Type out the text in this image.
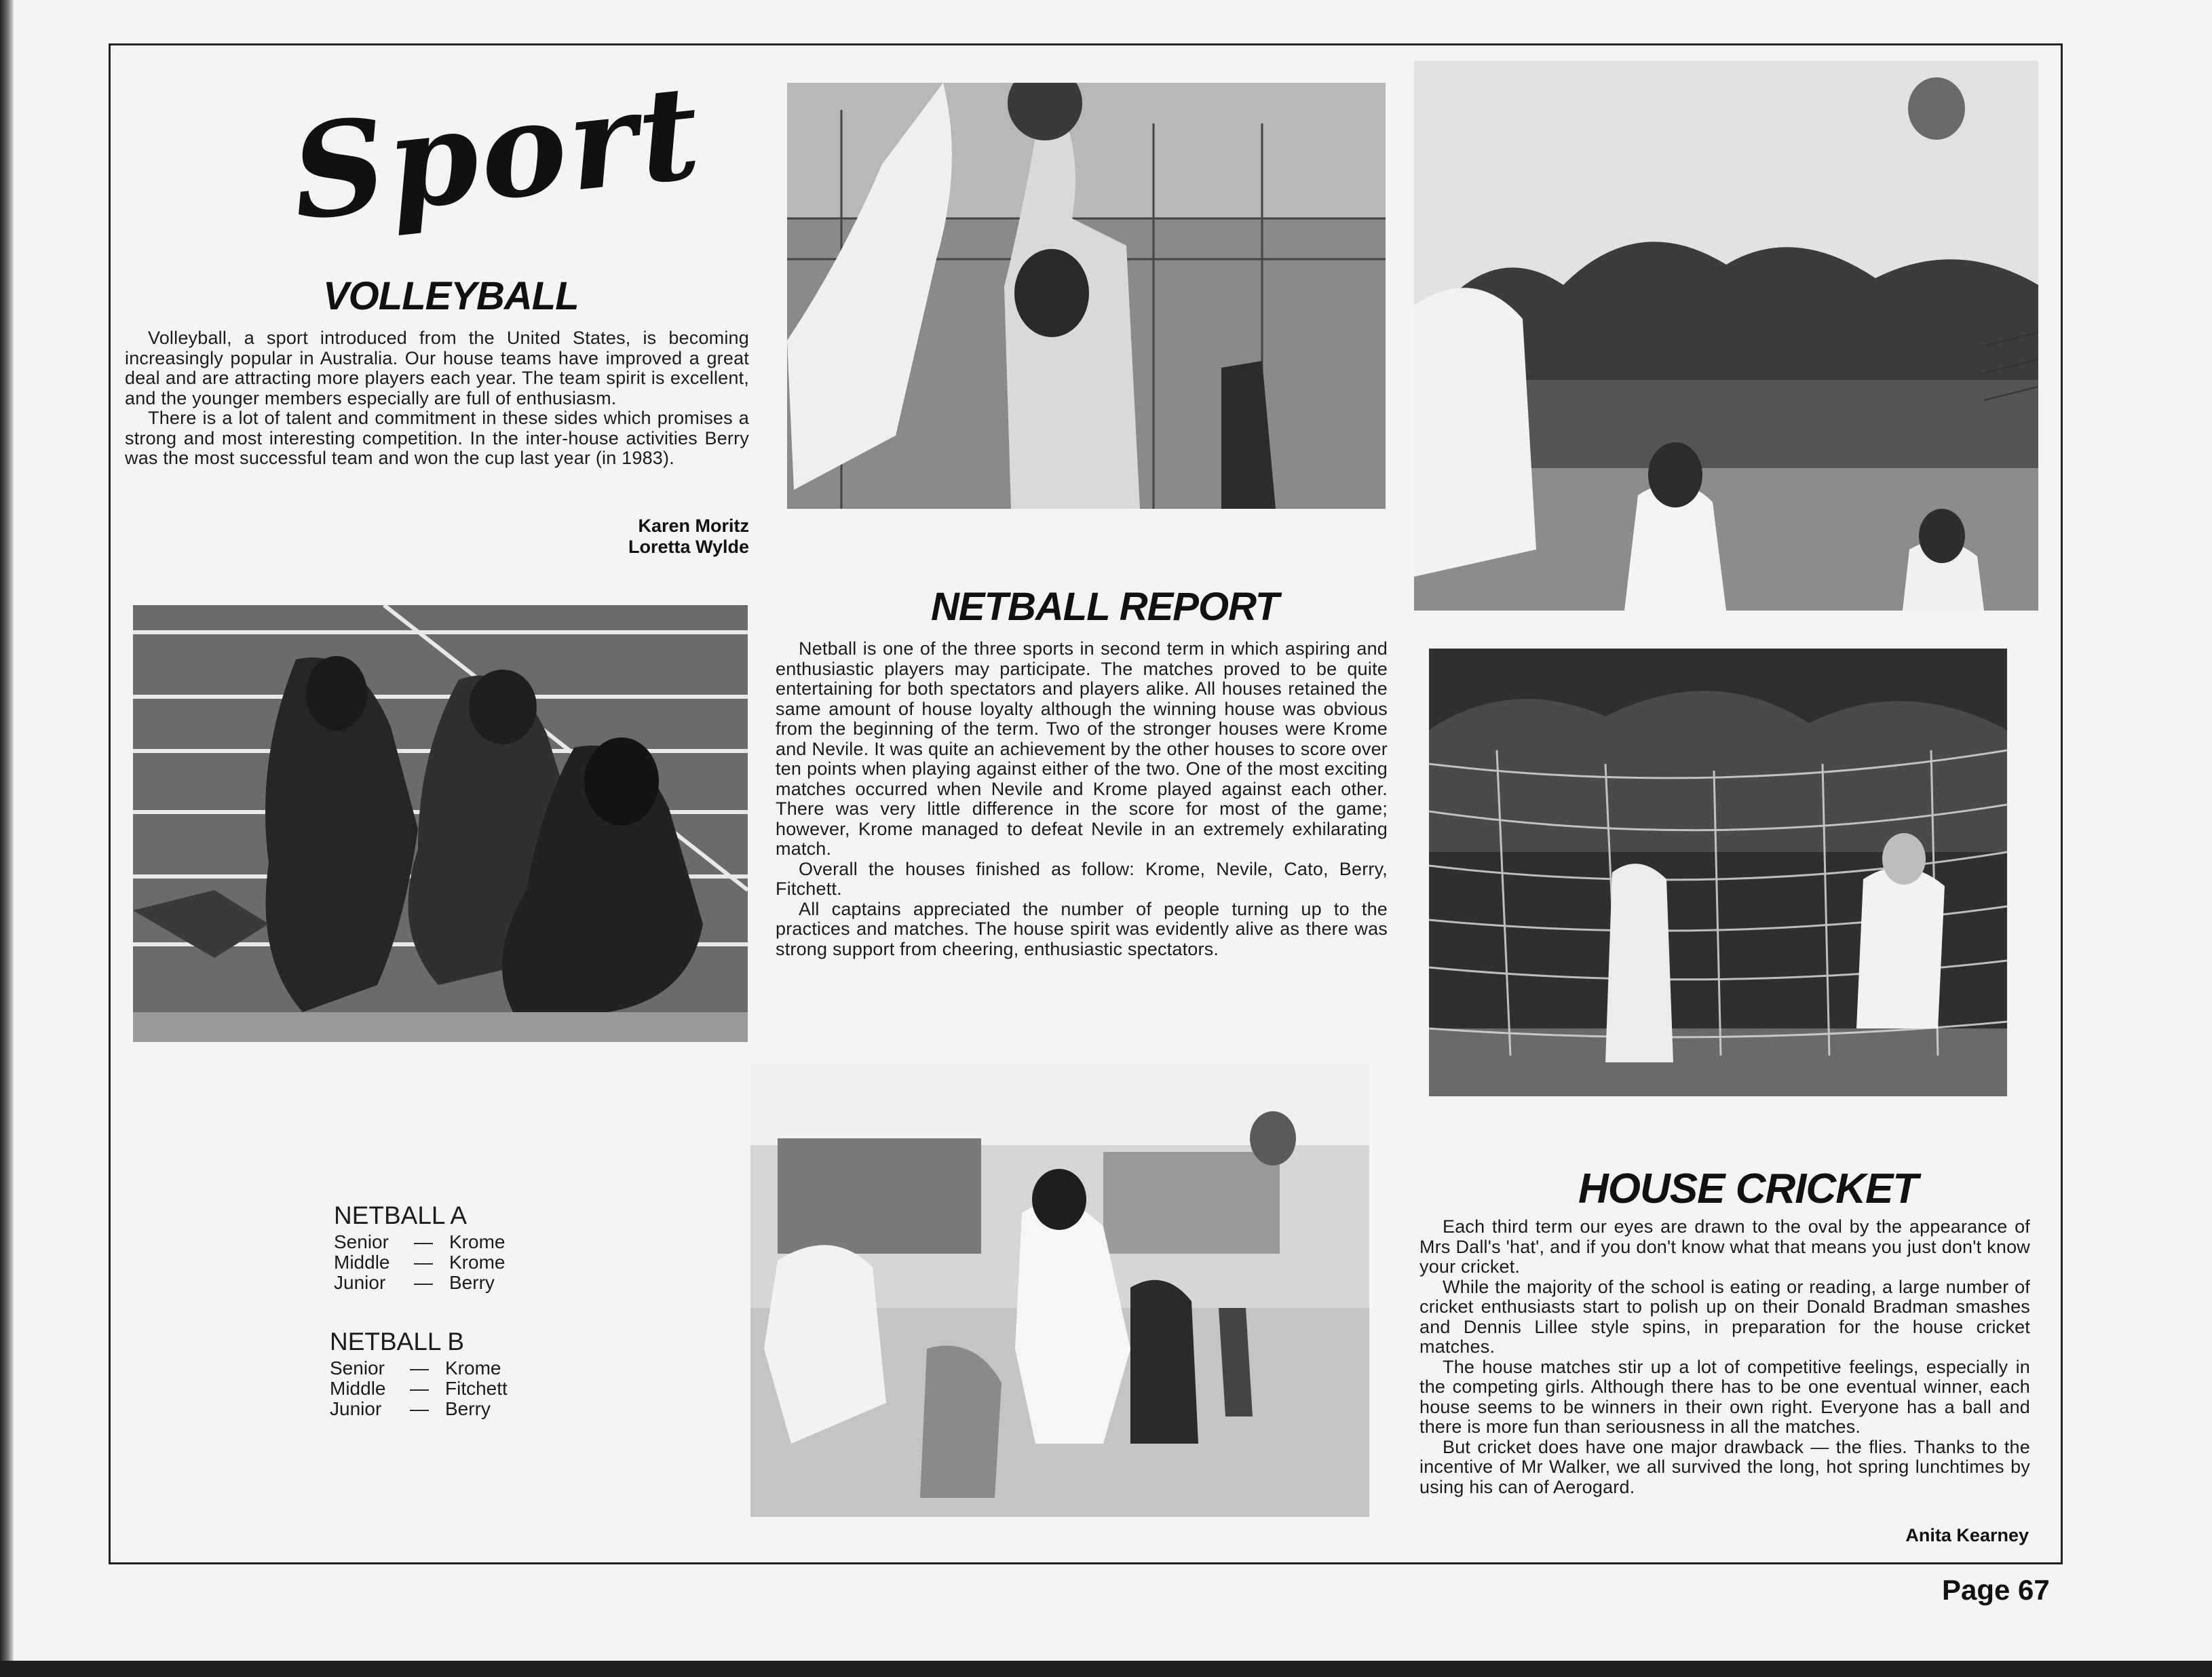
Sport
VOLLEYBALL

Volleyball, a sport introduced from the United States, is becoming increasingly popular in Australia. Our house teams have improved a great deal and are attracting more players each year. The team spirit is excellent, and the younger members especially are full of enthusiasm.

There is a lot of talent and commitment in these sides which promises a strong and most interesting competition. In the inter-house activities Berry was the most successful team and won the cup last year (in 1983).

Karen Moritz
Loretta Wylde
NETBALL A
Senior	— Krome
Middle	— Krome
Junior	— Berry
NETBALL B
Senior	— Krome
Middle	— Fitchett
Junior	— Berry
NETBALL REPORT

Netball is one of the three sports in second term in which aspiring and enthusiastic players may participate. The matches proved to be quite entertaining for both spectators and players alike. All houses retained the same amount of house loyalty although the winning house was obvious from the beginning of the term. Two of the stronger houses were Krome and Nevile. It was quite an achievement by the other houses to score over ten points when playing against either of the two. One of the most exciting matches occurred when Nevile and Krome played against each other. There was very little difference in the score for most of the game; however, Krome managed to defeat Nevile in an extremely exhilarating match.

Overall the houses finished as follow: Krome, Nevile, Cato, Berry, Fitchett.

All captains appreciated the number of people turning up to the practices and matches. The house spirit was evidently alive as there was strong support from cheering, enthusiastic spectators.

HOUSE CRICKET

Each third term our eyes are drawn to the oval by the appearance of Mrs Dall's 'hat', and if you don't know what that means you just don't know your cricket.

While the majority of the school is eating or reading, a large number of cricket enthusiasts start to polish up on their Donald Bradman smashes and Dennis Lillee style spins, in preparation for the house cricket matches.

The house matches stir up a lot of competitive feelings, especially in the competing girls. Although there has to be one eventual winner, each house seems to be winners in their own right. Everyone has a ball and there is more fun than seriousness in all the matches.

But cricket does have one major drawback — the flies. Thanks to the incentive of Mr Walker, we all survived the long, hot spring lunchtimes by using his can of Aerogard.

Anita Kearney
Page 67
